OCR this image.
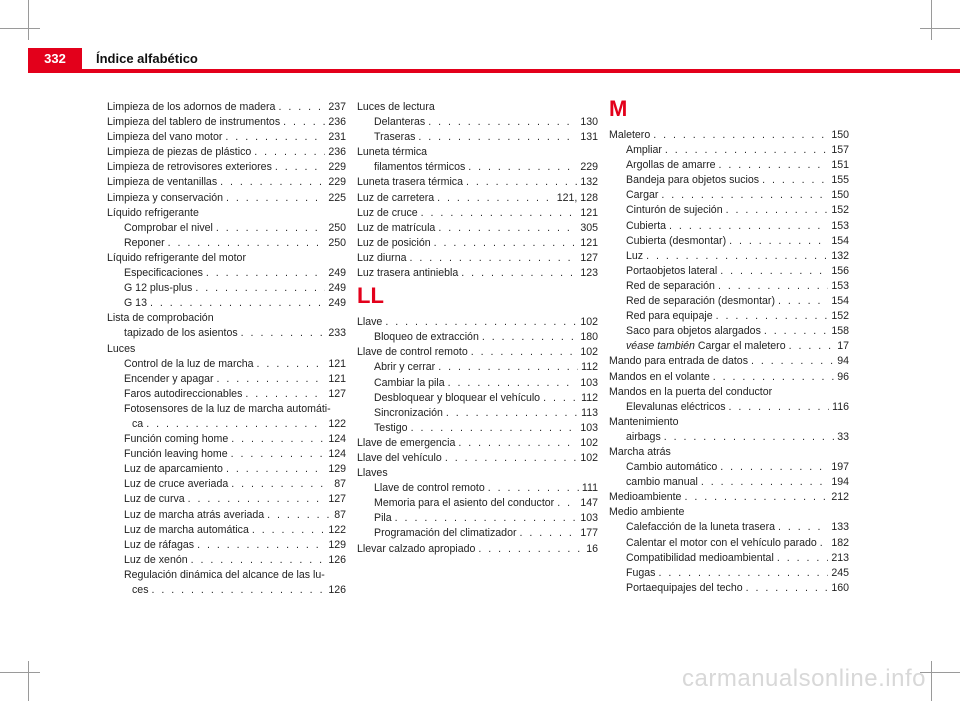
332	Índice alfabético
Limpieza de los adornos de madera . . .	237
Limpieza del tablero de instrumentos . . .	236
Limpieza del vano motor . . .	231
Limpieza de piezas de plástico . . .	236
Limpieza de retrovisores exteriores . . .	229
Limpieza de ventanillas . . .	229
Limpieza y conservación . . .	225
Líquido refrigerante
Comprobar el nivel . . .	250
Reponer . . .	250
Líquido refrigerante del motor
Especificaciones . . .	249
G 12 plus-plus . . .	249
G 13 . . .	249
Lista de comprobación
tapizado de los asientos . . .	233
Luces
Control de la luz de marcha . . .	121
Encender y apagar . . .	121
Faros autodireccionables . . .	127
Fotosensores de la luz de marcha automáti-
ca . . .	122
Función coming home . . .	124
Función leaving home . . .	124
Luz de aparcamiento . . .	129
Luz de cruce averiada . . .	87
Luz de curva . . .	127
Luz de marcha atrás averiada . . .	87
Luz de marcha automática . . .	122
Luz de ráfagas . . .	129
Luz de xenón . . .	126
Regulación dinámica del alcance de las lu-
ces . . .	126
Luces de lectura
Delanteras . . .	130
Traseras . . .	131
Luneta térmica
filamentos térmicos . . .	229
Luneta trasera térmica . . .	132
Luz de carretera . . .	121, 128
Luz de cruce . . .	121
Luz de matrícula . . .	305
Luz de posición . . .	121
Luz diurna . . .	127
Luz trasera antiniebla . . .	123
LL
Llave . . .	102
Bloqueo de extracción . . .	180
Llave de control remoto . . .	102
Abrir y cerrar . . .	112
Cambiar la pila . . .	103
Desbloquear y bloquear el vehículo . . .	112
Sincronización . . .	113
Testigo . . .	103
Llave de emergencia . . .	102
Llave del vehículo . . .	102
Llaves
Llave de control remoto . . .	111
Memoria para el asiento del conductor . . . 147
Pila . . .	103
Programación del climatizador . . .	177
Llevar calzado apropiado . . .	16
M
Maletero . . .	150
Ampliar . . .	157
Argollas de amarre . . .	151
Bandeja para objetos sucios . . .	155
Cargar . . .	150
Cinturón de sujeción . . .	152
Cubierta . . .	153
Cubierta (desmontar) . . .	154
Luz . . .	132
Portaobjetos lateral . . .	156
Red de separación . . .	153
Red de separación (desmontar) . . .	154
Red para equipaje . . .	152
Saco para objetos alargados . . .	158
véase también Cargar el maletero . . .	17
Mando para entrada de datos . . .	94
Mandos en el volante . . .	96
Mandos en la puerta del conductor
Elevalunas eléctricos . . .	116
Mantenimiento
airbags . . .	33
Marcha atrás
Cambio automático . . .	197
cambio manual . . .	194
Medioambiente . . .	212
Medio ambiente
Calefacción de la luneta trasera . . .	133
Calentar el motor con el vehículo parado . . . 182
Compatibilidad medioambiental . . .	213
Fugas . . .	245
Portaequipajes del techo . . .	160
carmanualsonline.info
